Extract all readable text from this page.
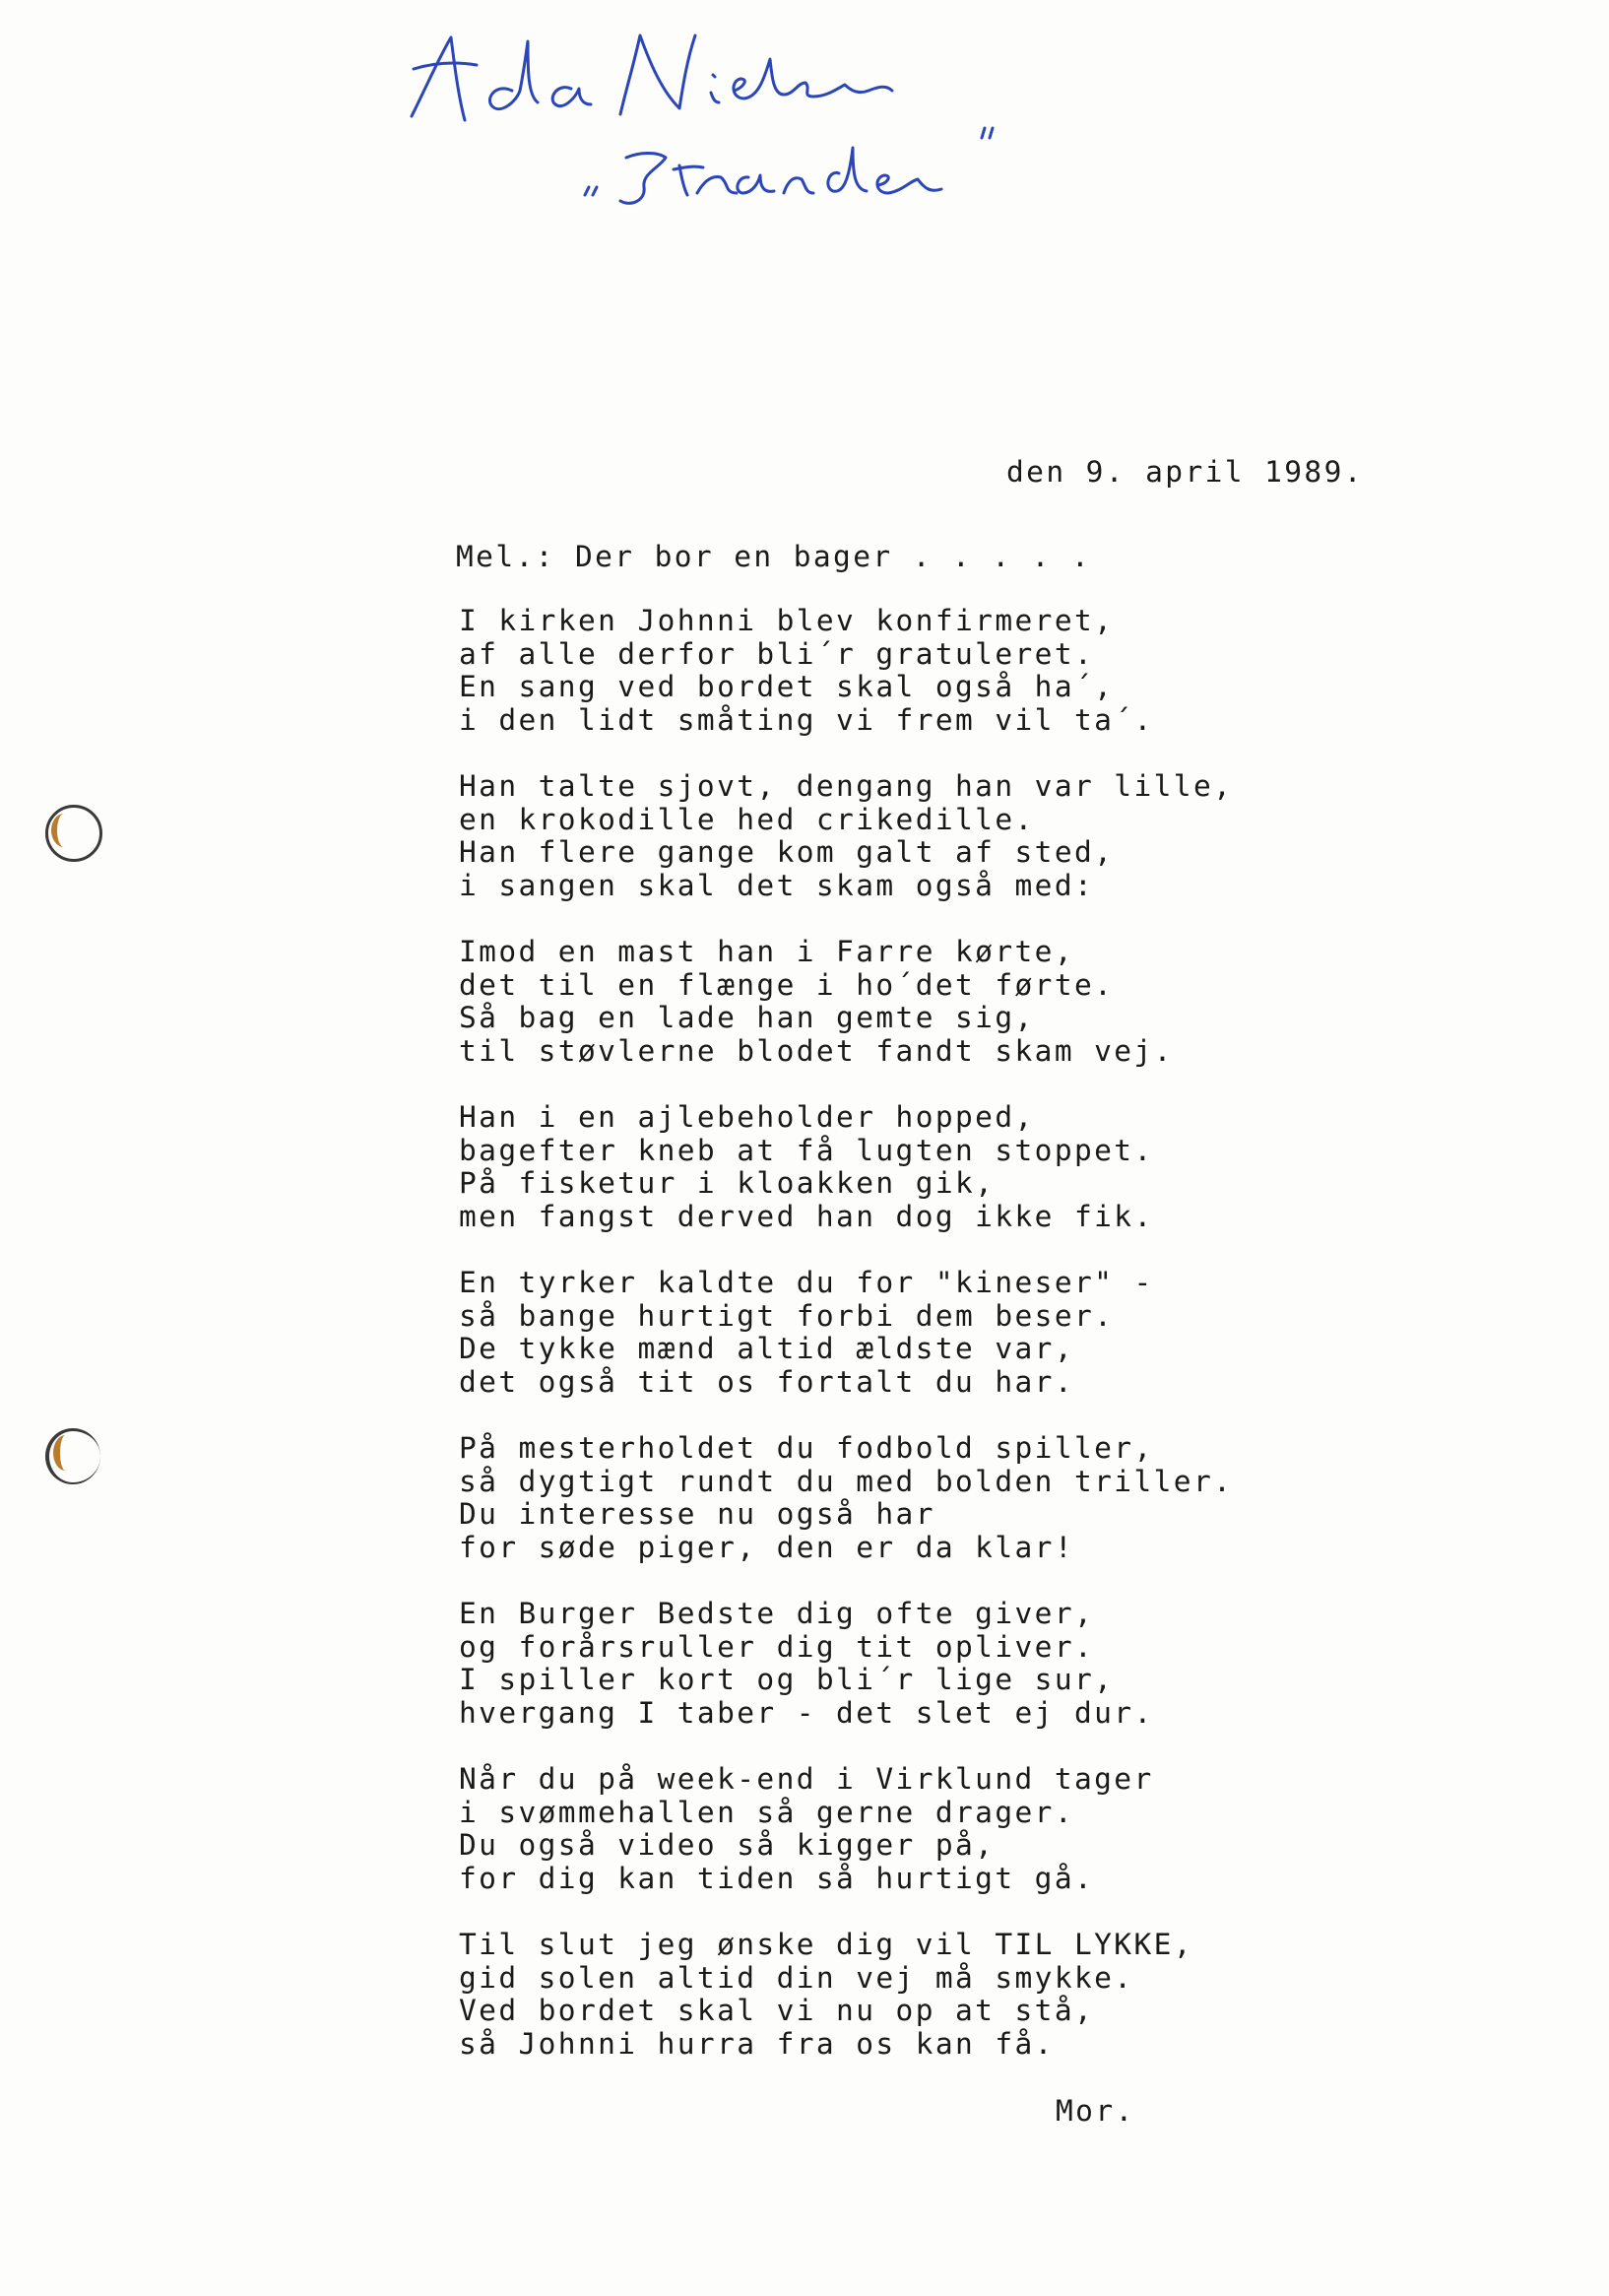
den 9. april 1989.
Mel.: Der bor en bager . . . . .
I kirken Johnni blev konfirmeret,
af alle derfor bli´r gratuleret.
En sang ved bordet skal også ha´,
i den lidt småting vi frem vil ta´.
Han talte sjovt, dengang han var lille,
en krokodille hed crikedille.
Han flere gange kom galt af sted,
i sangen skal det skam også med:
Imod en mast han i Farre kørte,
det til en flænge i ho´det førte.
Så bag en lade han gemte sig,
til støvlerne blodet fandt skam vej.
Han i en ajlebeholder hopped,
bagefter kneb at få lugten stoppet.
På fisketur i kloakken gik,
men fangst derved han dog ikke fik.
En tyrker kaldte du for "kineser" -
så bange hurtigt forbi dem beser.
De tykke mænd altid ældste var,
det også tit os fortalt du har.
På mesterholdet du fodbold spiller,
så dygtigt rundt du med bolden triller.
Du interesse nu også har
for søde piger, den er da klar!
En Burger Bedste dig ofte giver,
og forårsruller dig tit opliver.
I spiller kort og bli´r lige sur,
hvergang I taber - det slet ej dur.
Når du på week-end i Virklund tager
i svømmehallen så gerne drager.
Du også video så kigger på,
for dig kan tiden så hurtigt gå.
Til slut jeg ønske dig vil TIL LYKKE,
gid solen altid din vej må smykke.
Ved bordet skal vi nu op at stå,
så Johnni hurra fra os kan få.
Mor.
